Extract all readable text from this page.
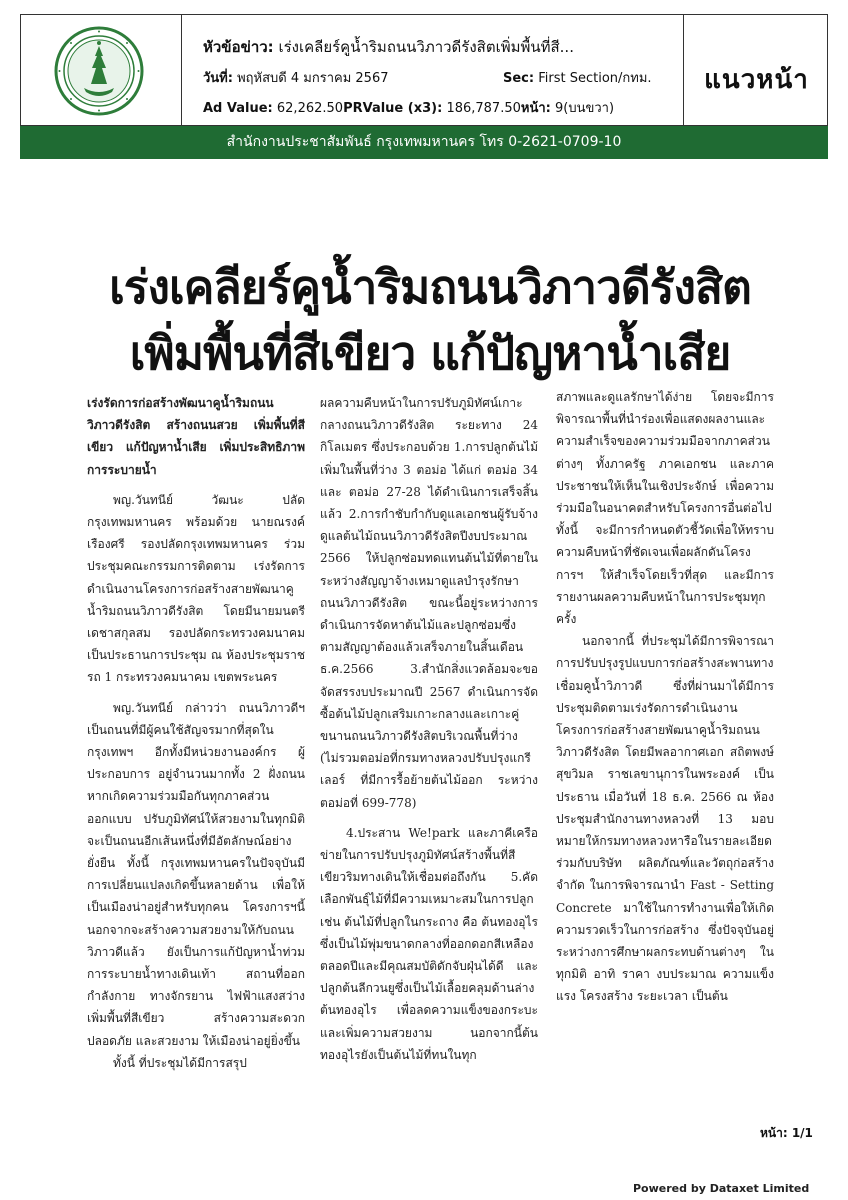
หัวข้อข่าว: เร่งเคลียร์คูน้ำริมถนนวิภาวดีรังสิตเพิ่มพื้นที่สี...
วันที่: พฤหัสบดี 4 มกราคม 2567	Sec: First Section/กทม.
Ad Value: 62,262.50PRValue (x3): 186,787.50หน้า: 9(บนขวา)
แนวหน้า
สำนักงานประชาสัมพันธ์ กรุงเทพมหานคร โทร 0-2621-0709-10
เร่งเคลียร์คูน้ำริมถนนวิภาวดีรังสิต
เพิ่มพื้นที่สีเขียว แก้ปัญหาน้ำเสีย

เร่งรัดการก่อสร้างพัฒนาคูน้ำริมถนนวิภาวดีรังสิต สร้างถนนสวย เพิ่มพื้นที่สีเขียว แก้ปัญหาน้ำเสีย เพิ่มประสิทธิภาพการระบายน้ำ

พญ.วันทนีย์ วัฒนะ ปลัดกรุงเทพมหานคร พร้อมด้วย นายณรงค์ เรืองศรี รองปลัดกรุงเทพมหานคร ร่วมประชุมคณะกรรมการติดตาม เร่งรัดการดำเนินงานโครงการก่อสร้างสายพัฒนาคูน้ำริมถนนวิภาวดีรังสิต โดยมีนายมนตรี เดชาสกุลสม รองปลัดกระทรวงคมนาคม เป็นประธานการประชุม ณ ห้องประชุมราชรถ 1 กระทรวงคมนาคม เขตพระนคร

พญ.วันทนีย์ กล่าวว่า ถนนวิภาวดีฯ เป็นถนนที่มีผู้คนใช้สัญจรมากที่สุดในกรุงเทพฯ อีกทั้งมีหน่วยงานองค์กร ผู้ประกอบการ อยู่จำนวนมากทั้ง 2 ฝั่งถนน หากเกิดความร่วมมือกันทุกภาคส่วน ออกแบบ ปรับภูมิทัศน์ให้สวยงามในทุกมิติ จะเป็นถนนอีกเส้นหนึ่งที่มีอัตลักษณ์อย่างยั่งยืน ทั้งนี้ กรุงเทพมหานครในปัจจุบันมีการเปลี่ยนแปลงเกิดขึ้นหลายด้าน เพื่อให้เป็นเมืองน่าอยู่สำหรับทุกคน โครงการฯนี้ นอกจากจะสร้างความสวยงามให้กับถนนวิภาวดีแล้ว ยังเป็นการแก้ปัญหาน้ำท่วม การระบายน้ำทางเดินเท้า สถานที่ออกกำลังกาย ทางจักรยาน ไฟฟ้าแสงสว่าง เพิ่มพื้นที่สีเขียว สร้างความสะดวก ปลอดภัย และสวยงาม ให้เมืองน่าอยู่ยิ่งขึ้น

ทั้งนี้ ที่ประชุมได้มีการสรุป

ผลความคืบหน้าในการปรับภูมิทัศน์เกาะกลางถนนวิภาวดีรังสิต ระยะทาง 24 กิโลเมตร ซึ่งประกอบด้วย 1.การปลูกต้นไม้เพิ่มในพื้นที่ว่าง 3 ตอม่อ ได้แก่ ตอม่อ 34 และ ตอม่อ 27-28 ได้ดำเนินการเสร็จสิ้นแล้ว 2.การกำชับกำกับดูแลเอกชนผู้รับจ้างดูแลต้นไม้ถนนวิภาวดีรังสิตปีงบประมาณ 2566 ให้ปลูกซ่อมทดแทนต้นไม้ที่ตายในระหว่างสัญญาจ้างเหมาดูแลบำรุงรักษาถนนวิภาวดีรังสิต ขณะนี้อยู่ระหว่างการดำเนินการจัดหาต้นไม้และปลูกซ่อมซึ่งตามสัญญาต้องแล้วเสร็จภายในสิ้นเดือนธ.ค.2566 3.สำนักสิ่งแวดล้อมจะขอจัดสรรงบประมาณปี 2567 ดำเนินการจัดซื้อต้นไม้ปลูกเสริมเกาะกลางและเกาะคู่ขนานถนนวิภาวดีรังสิตบริเวณพื้นที่ว่าง (ไม่รวมตอม่อที่กรมทางหลวงปรับปรุงแกรีเลอร์ ที่มีการรื้อย้ายต้นไม้ออก ระหว่างตอม่อที่ 699-778)

4.ประสาน We!park และภาคีเครือข่ายในการปรับปรุงภูมิทัศน์สร้างพื้นที่สีเขียวริมทางเดินให้เชื่อมต่อถึงกัน 5.คัดเลือกพันธุ์ไม้ที่มีความเหมาะสมในการปลูก เช่น ต้นไม้ที่ปลูกในกระถาง คือ ต้นทองอุไร ซึ่งเป็นไม้พุ่มขนาดกลางที่ออกดอกสีเหลืองตลอดปีและมีคุณสมบัติดักจับฝุ่นได้ดี และปลูกต้นลีกวนยูซึ่งเป็นไม้เลื้อยคลุมด้านล่างต้นทองอุไร เพื่อลดความแข็งของกระบะและเพิ่มความสวยงาม นอกจากนี้ต้นทองอุไรยังเป็นต้นไม้ที่ทนในทุก

สภาพและดูแลรักษาได้ง่าย โดยจะมีการพิจารณาพื้นที่นำร่องเพื่อแสดงผลงานและความสำเร็จของความร่วมมือจากภาคส่วนต่างๆ ทั้งภาครัฐ ภาคเอกชน และภาคประชาชนให้เห็นในเชิงประจักษ์ เพื่อความร่วมมือในอนาคตสำหรับโครงการอื่นต่อไป ทั้งนี้ จะมีการกำหนดตัวชี้วัดเพื่อให้ทราบความคืบหน้าที่ชัดเจนเพื่อผลักดันโครงการฯ ให้สำเร็จโดยเร็วที่สุด และมีการรายงานผลความคืบหน้าในการประชุมทุกครั้ง

นอกจากนี้ ที่ประชุมได้มีการพิจารณาการปรับปรุงรูปแบบการก่อสร้างสะพานทางเชื่อมคูน้ำวิภาวดี ซึ่งที่ผ่านมาได้มีการประชุมติดตามเร่งรัดการดำเนินงานโครงการก่อสร้างสายพัฒนาคูน้ำริมถนนวิภาวดีรังสิต โดยมีพลอากาศเอก สถิตพงษ์ สุขวิมล ราชเลขานุการในพระองค์ เป็นประธาน เมื่อวันที่ 18 ธ.ค. 2566 ณ ห้องประชุมสำนักงานทางหลวงที่ 13 มอบหมายให้กรมทางหลวงหารือในรายละเอียดร่วมกับบริษัท ผลิตภัณฑ์และวัตถุก่อสร้าง จำกัด ในการพิจารณานำ Fast - Setting Concrete มาใช้ในการทำงานเพื่อให้เกิดความรวดเร็วในการก่อสร้าง ซึ่งปัจจุบันอยู่ระหว่างการศึกษาผลกระทบด้านต่างๆ ในทุกมิติ อาทิ ราคา งบประมาณ ความแข็งแรง โครงสร้าง ระยะเวลา เป็นต้น

หน้า: 1/1
Powered by Dataxet Limited
